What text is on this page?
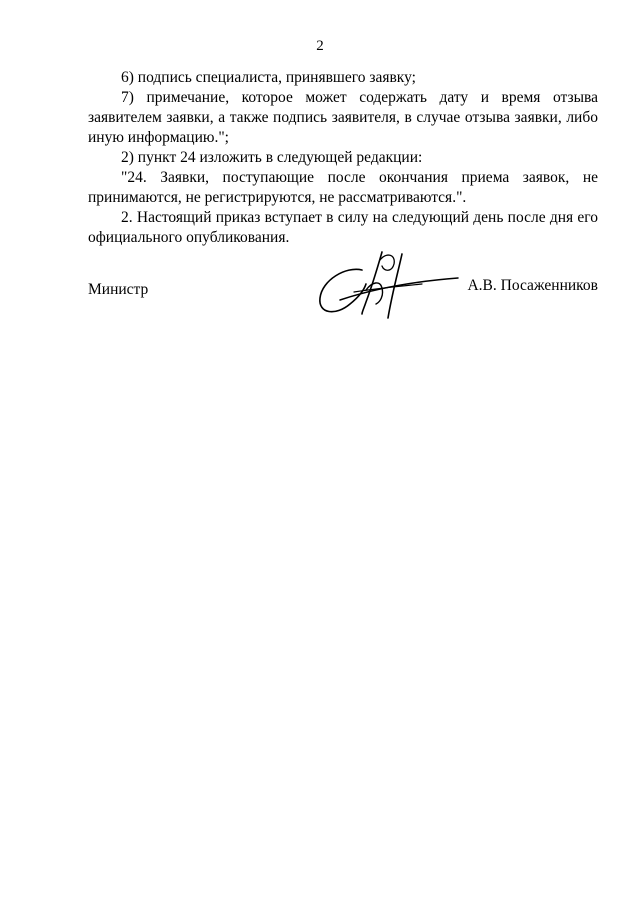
2

6) подпись специалиста, принявшего заявку;

7) примечание, которое может содержать дату и время отзыва заявителем заявки, а также подпись заявителя, в случае отзыва заявки, либо иную информацию.";

2) пункт 24 изложить в следующей редакции:

"24. Заявки, поступающие после окончания приема заявок, не принимаются, не регистрируются, не рассматриваются.".

2. Настоящий приказ вступает в силу на следующий день после дня его официального опубликования.

Министр	А.В. Посаженников
